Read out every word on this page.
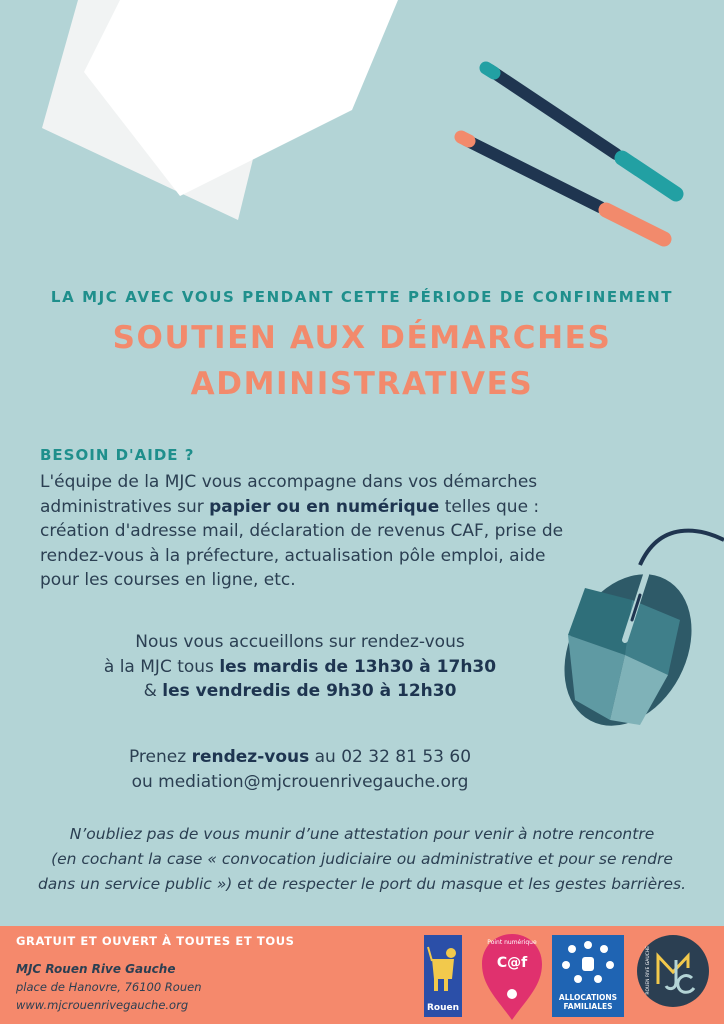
LA MJC AVEC VOUS PENDANT CETTE PÉRIODE DE CONFINEMENT
SOUTIEN AUX DÉMARCHES
ADMINISTRATIVES
BESOIN D'AIDE ?
L'équipe de la MJC vous accompagne dans vos démarches administratives sur papier ou en numérique telles que : création d'adresse mail, déclaration de revenus CAF, prise de rendez-vous à la préfecture, actualisation pôle emploi, aide pour les courses en ligne, etc.
Nous vous accueillons sur rendez-vous
à la MJC tous les mardis de 13h30 à 17h30
& les vendredis de 9h30 à 12h30
Prenez rendez-vous au 02 32 81 53 60
ou mediation@mjcrouenrivegauche.org
N’oubliez pas de vous munir d’une attestation pour venir à notre rencontre
(en cochant la case « convocation judiciaire ou administrative et pour se rendre
dans un service public ») et de respecter le port du masque et les gestes barrières.
GRATUIT ET OUVERT À TOUTES ET TOUS
MJC Rouen Rive Gauche
place de Hanovre, 76100 Rouen
www.mjcrouenrivegauche.org	Rouen
Point numérique
C@f
ALLOCATIONS
FAMILIALES
ROUEN RIVE GAUCHE
